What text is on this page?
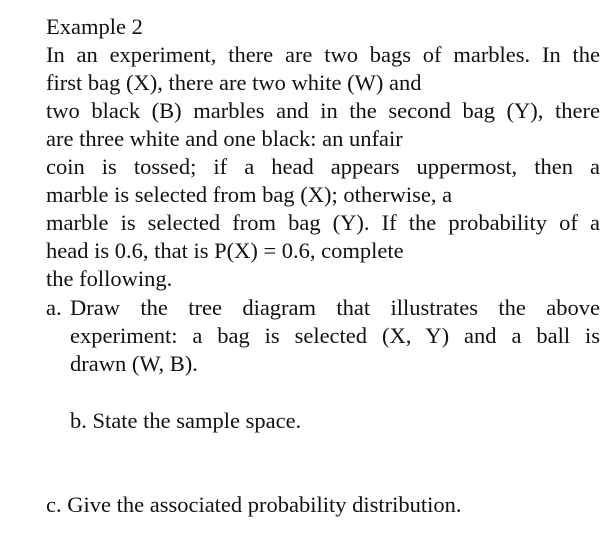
Example 2
In an experiment, there are two bags of marbles. In the
first bag (X), there are two white (W) and
two black (B) marbles and in the second bag (Y), there
are three white and one black: an unfair
coin is tossed; if a head appears uppermost, then a
marble is selected from bag (X); otherwise, a
marble is selected from bag (Y). If the probability of a
head is 0.6, that is P(X) = 0.6, complete
the following.
a. Draw the tree diagram that illustrates the above
experiment: a bag is selected (X, Y) and a ball is
drawn (W, B).
b. State the sample space.
c. Give the associated probability distribution.
